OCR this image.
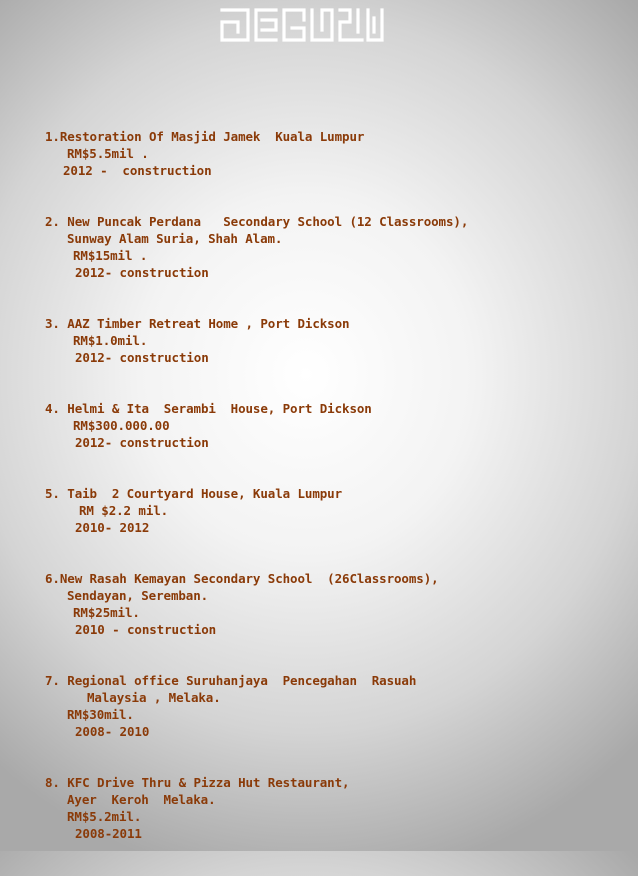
1.Restoration Of Masjid Jamek  Kuala Lumpur
RM$5.5mil .
2012 -  construction
2. New Puncak Perdana   Secondary School (12 Classrooms),
Sunway Alam Suria, Shah Alam.
RM$15mil .
2012- construction
3. AAZ Timber Retreat Home , Port Dickson
RM$1.0mil.
2012- construction
4. Helmi & Ita  Serambi  House, Port Dickson
RM$300.000.00
2012- construction
5. Taib  2 Courtyard House, Kuala Lumpur
RM $2.2 mil.
2010- 2012
6.New Rasah Kemayan Secondary School  (26Classrooms),
Sendayan, Seremban.
RM$25mil.
2010 - construction
7. Regional office Suruhanjaya  Pencegahan  Rasuah
Malaysia , Melaka.
RM$30mil.
2008- 2010
8. KFC Drive Thru & Pizza Hut Restaurant,
Ayer  Keroh  Melaka.
RM$5.2mil.
2008-2011
